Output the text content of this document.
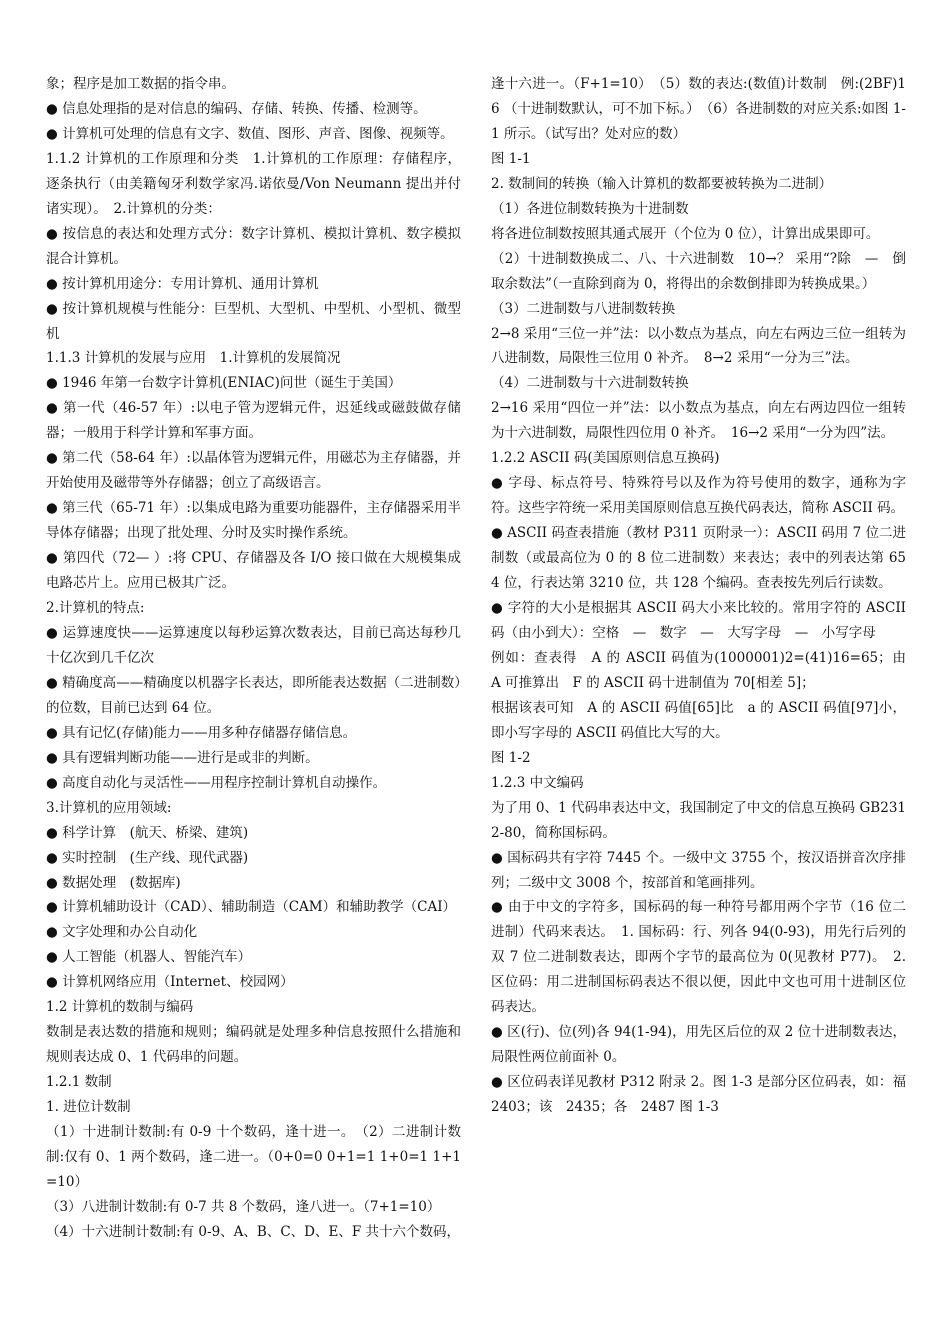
象；程序是加工数据的指令串。

● 信息处理指的是对信息的编码、存储、转换、传播、检测等。

● 计算机可处理的信息有文字、数值、图形、声音、图像、视频等。

1.1.2 计算机的工作原理和分类　1.计算机的工作原理：存储程序，逐条执行（由美籍匈牙利数学家冯.诺依曼/Von Neumann 提出并付诸实现）。　2.计算机的分类：

● 按信息的表达和处理方式分：数字计算机、模拟计算机、数字模拟混合计算机。

● 按计算机用途分：专用计算机、通用计算机

● 按计算机规模与性能分：巨型机、大型机、中型机、小型机、微型机

1.1.3 计算机的发展与应用　1.计算机的发展简况

● 1946 年第一台数字计算机(ENIAC)问世（诞生于美国）

● 第一代（46-57 年）:以电子管为逻辑元件，迟延线或磁鼓做存储器；一般用于科学计算和军事方面。

● 第二代（58-64 年）:以晶体管为逻辑元件，用磁芯为主存储器，并开始使用及磁带等外存储器；创立了高级语言。

● 第三代（65-71 年）:以集成电路为重要功能器件，主存储器采用半导体存储器；出现了批处理、分时及实时操作系统。

● 第四代（72— ）:将 CPU、存储器及各 I/O 接口做在大规模集成电路芯片上。应用已极其广泛。

2.计算机的特点:

● 运算速度快——运算速度以每秒运算次数表达，目前已高达每秒几十亿次到几千亿次

● 精确度高——精确度以机器字长表达，即所能表达数据（二进制数）的位数，目前已达到 64 位。

● 具有记忆(存储)能力——用多种存储器存储信息。

● 具有逻辑判断功能——进行是或非的判断。

● 高度自动化与灵活性——用程序控制计算机自动操作。

3.计算机的应用领域:

● 科学计算　(航天、桥梁、建筑)

● 实时控制　(生产线、现代武器)

● 数据处理　(数据库)

● 计算机辅助设计（CAD）、辅助制造（CAM）和辅助教学（CAI）

● 文字处理和办公自动化

● 人工智能（机器人、智能汽车）

● 计算机网络应用（Internet、校园网）

1.2 计算机的数制与编码

数制是表达数的措施和规则；编码就是处理多种信息按照什么措施和规则表达成 0、1 代码串的问题。

1.2.1 数制

1. 进位计数制

（1）十进制计数制:有 0-9 十个数码，逢十进一。　（2）二进制计数制:仅有 0、1 两个数码，逢二进一。（0+0=0 0+1=1 1+0=1 1+1=10）

（3）八进制计数制:有 0-7 共 8 个数码，逢八进一。（7+1=10）

（4）十六进制计数制:有 0-9、A、B、C、D、E、F 共十六个数码，

逢十六进一。（F+1=10）　（5）数的表达:(数值)计数制　例:(2BF)16 （十进制数默认，可不加下标。）　（6）各进制数的对应关系:如图 1-1 所示。（试写出？处对应的数）

图 1-1

2. 数制间的转换（输入计算机的数都要被转换为二进制）

（1）各进位制数转换为十进制数

将各进位制数按照其通式展开（个位为 0 位），计算出成果即可。

（2）十进制数换成二、八、十六进制数　10→？ 采用“?除　—　倒取余数法”（一直除到商为 0，将得出的余数倒排即为转换成果。）

（3）二进制数与八进制数转换

2→8 采用“三位一并”法：以小数点为基点，向左右两边三位一组转为八进制数，局限性三位用 0 补齐。　8→2 采用“一分为三”法。

（4）二进制数与十六进制数转换

2→16 采用“四位一并”法：以小数点为基点，向左右两边四位一组转为十六进制数，局限性四位用 0 补齐。　16→2 采用“一分为四”法。

1.2.2 ASCII 码(美国原则信息互换码)

● 字母、标点符号、特殊符号以及作为符号使用的数字，通称为字符。这些字符统一采用美国原则信息互换代码表达，简称 ASCII 码。

● ASCII 码查表措施（教材 P311 页附录一）：ASCII 码用 7 位二进制数（或最高位为 0 的 8 位二进制数）来表达；表中的列表达第 654 位，行表达第 3210 位，共 128 个编码。查表按先列后行读数。

● 字符的大小是根据其 ASCII 码大小来比较的。常用字符的 ASCII 码（由小到大）：空格　—　数字　—　大写字母　—　小写字母

例如：查表得　A 的 ASCII 码值为(1000001)2=(41)16=65；由　A 可推算出　F 的 ASCII 码十进制值为 70[相差 5]；

根据该表可知　A 的 ASCII 码值[65]比　a 的 ASCII 码值[97]小，即小写字母的 ASCII 码值比大写的大。

图 1-2

1.2.3 中文编码

为了用 0、1 代码串表达中文，我国制定了中文的信息互换码 GB2312-80，简称国标码。

● 国标码共有字符 7445 个。一级中文 3755 个，按汉语拼音次序排列；二级中文 3008 个，按部首和笔画排列。

● 由于中文的字符多，国标码的每一种符号都用两个字节（16 位二进制）代码来表达。　1. 国标码：行、列各 94(0-93)，用先行后列的双 7 位二进制数表达，即两个字节的最高位为 0(见教材 P77)。　2. 区位码：用二进制国标码表达不很以便，因此中文也可用十进制区位码表达。

● 区(行)、位(列)各 94(1-94)，用先区后位的双 2 位十进制数表达，局限性两位前面补 0。

● 区位码表详见教材 P312 附录 2。图 1-3 是部分区位码表，如：福　2403；该　2435；各　2487 图 1-3
